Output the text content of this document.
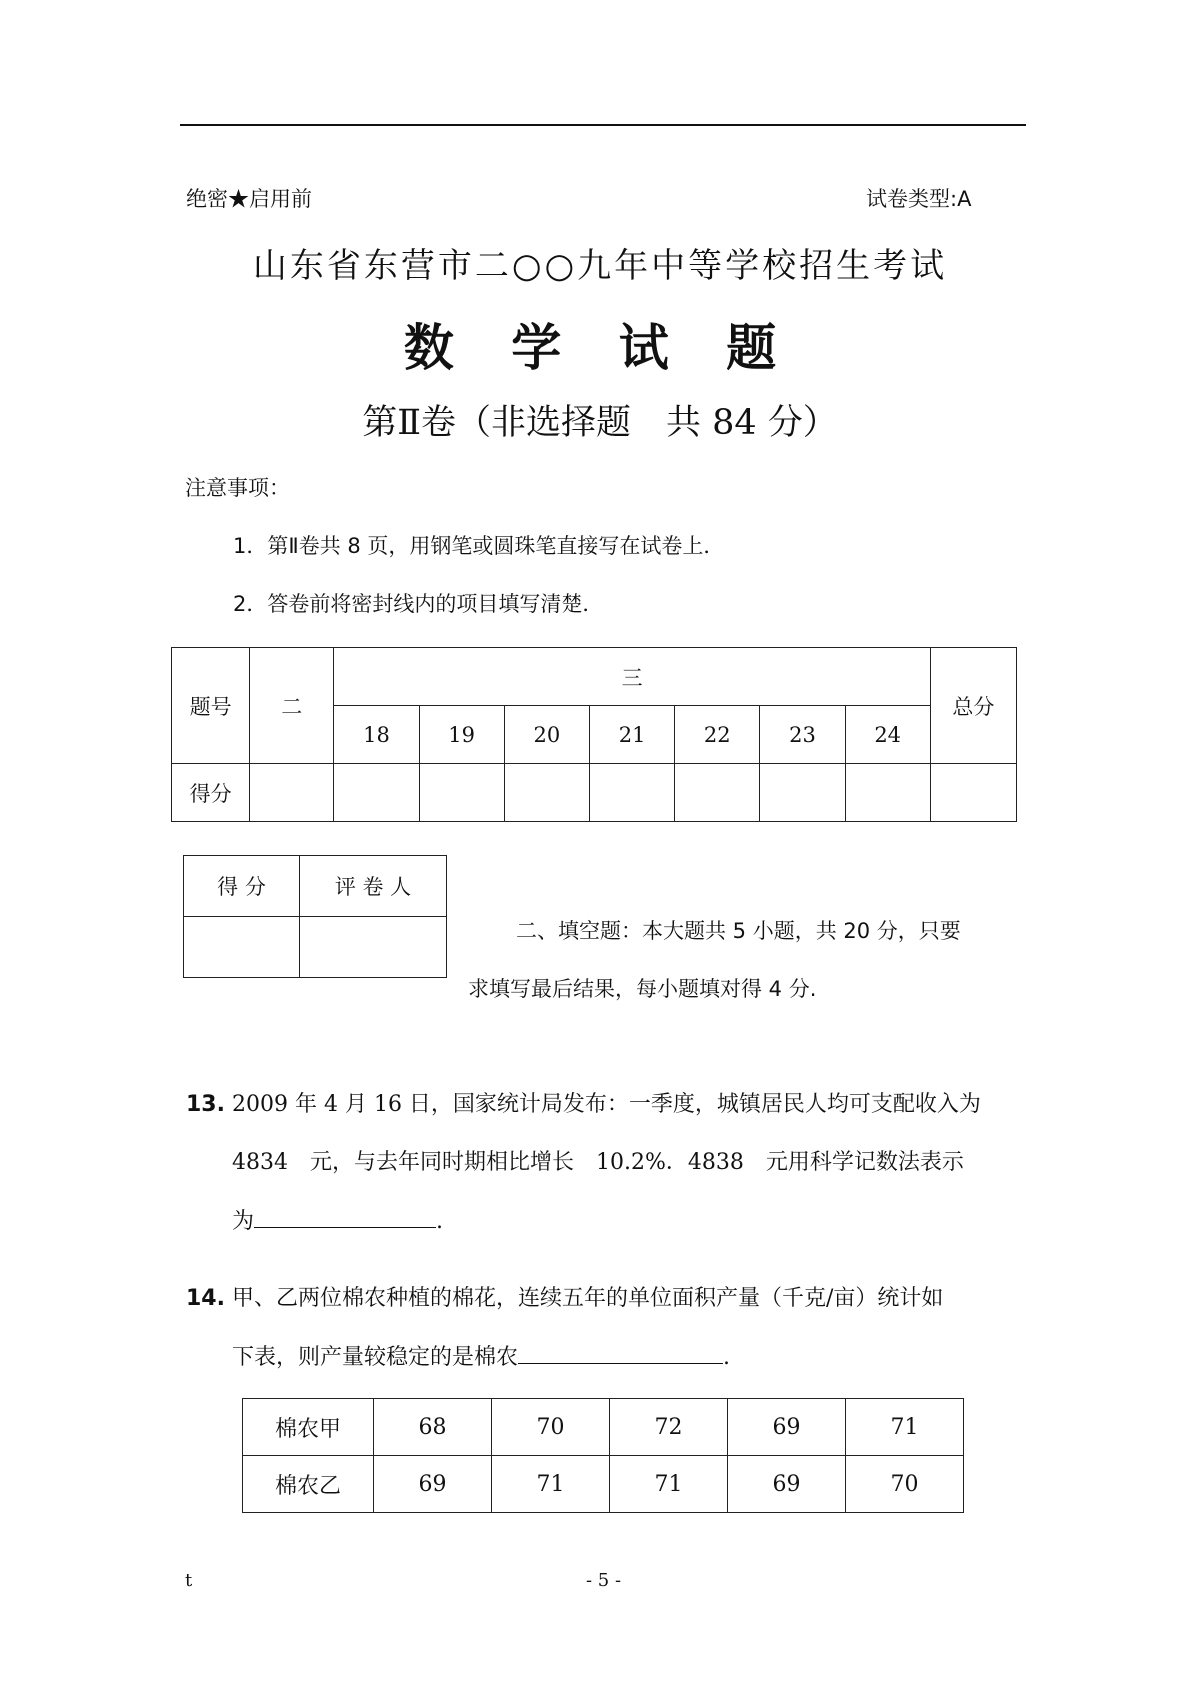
绝密★启用前	试卷类型:A
山东省东营市二○○九年中等学校招生考试
数 学 试 题
第Ⅱ卷（非选择题　共 84 分）
注意事项：
1．第Ⅱ卷共 8 页，用钢笔或圆珠笔直接写在试卷上．
2．答卷前将密封线内的项目填写清楚．
题号	二	三							总分
		18	19	20	21	22	23	24	
得分									
得 分	评 卷 人

二、填空题：本大题共 5 小题，共 20 分，只要
求填写最后结果，每小题填对得 4 分.
13. 2009 年 4 月 16 日，国家统计局发布：一季度，城镇居民人均可支配收入为
4834　元，与去年同时期相比增长　10.2%．4838　元用科学记数法表示
为	.
14. 甲、乙两位棉农种植的棉花，连续五年的单位面积产量（千克/亩）统计如
下表，则产量较稳定的是棉农	.
棉农甲	68	70	72	69	71
棉农乙	69	71	71	69	70
t	- 5 -
